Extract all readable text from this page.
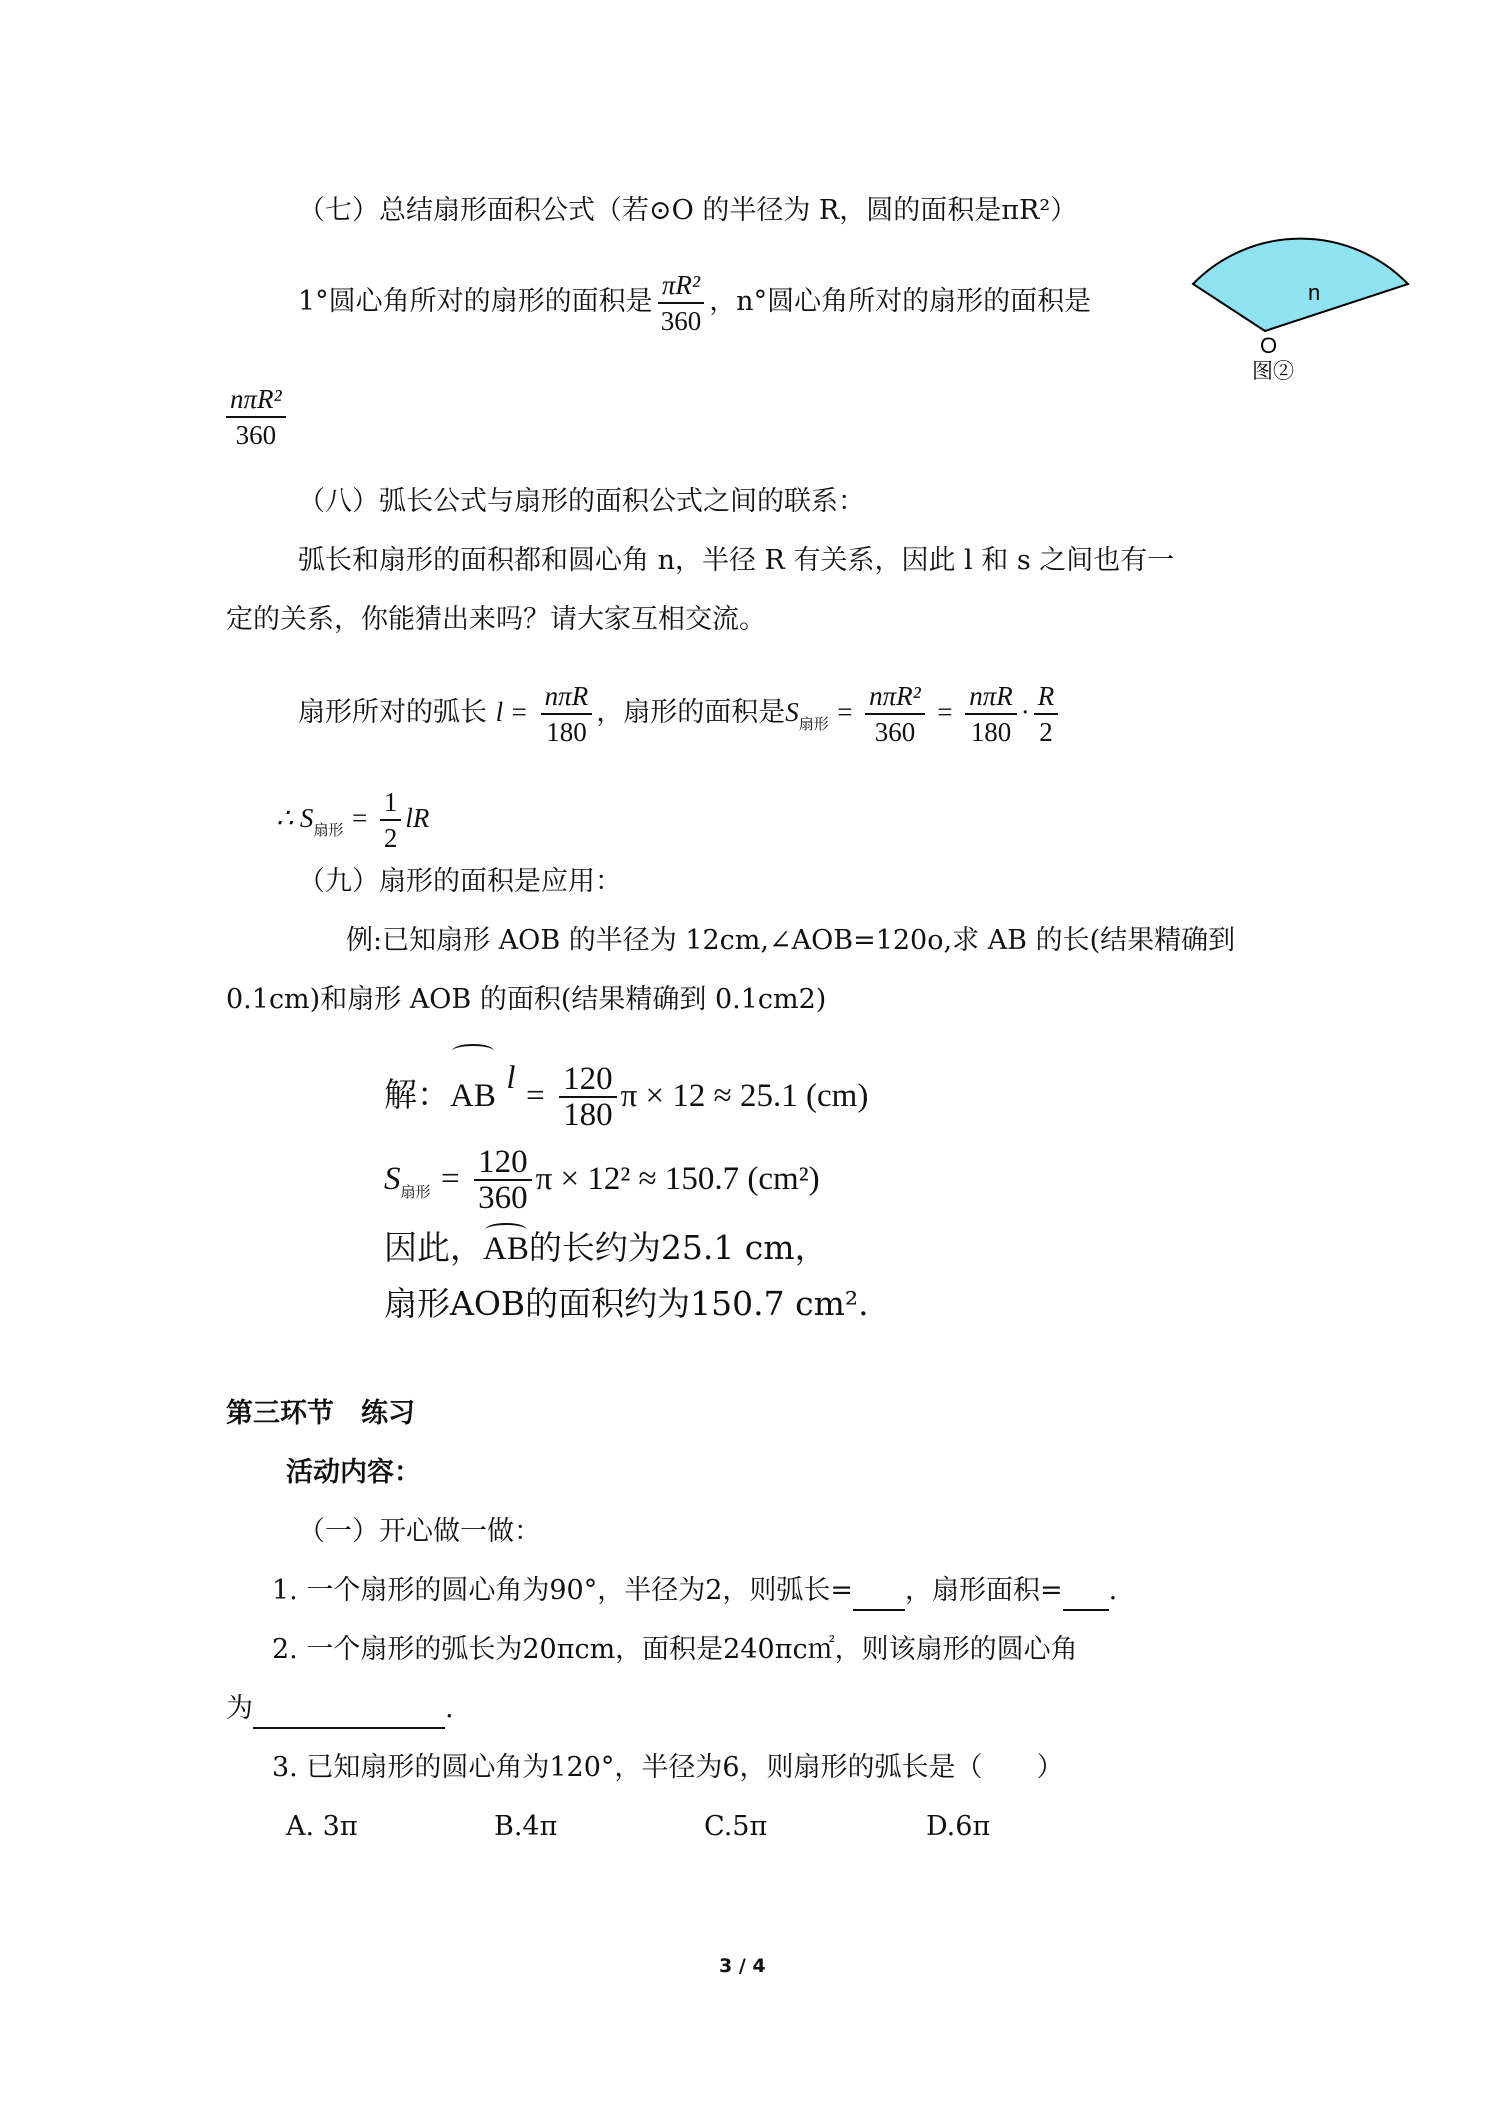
（七）总结扇形面积公式（若⊙O 的半径为 R，圆的面积是πR²）
1°圆心角所对的扇形的面积是 $\frac{\text{πR²}}{360}$ ，n°圆心角所对的扇形的面积是
$\frac{\text{nπR²}}{360}$
n
O
图②
（八）弧长公式与扇形的面积公式之间的联系：
弧长和扇形的面积都和圆心角 n，半径 R 有关系，因此 l 和 s 之间也有一
定的关系，你能猜出来吗？请大家互相交流。
扇形所对的弧长 $l = \frac{\text{nπR}}{180}$ ，扇形的面积是$S_{扇形} = \frac{\text{nπR²}}{360} = \frac{\text{nπR}}{180} \cdot \frac{R}{2}$
∴ $S_{扇形} = \frac{1}{2}$ lR
（九）扇形的面积是应用：
例:已知扇形 AOB 的半径为 12cm,∠AOB=120o,求 AB 的长(结果精确到
0.1cm)和扇形 AOB 的面积(结果精确到 0.1cm2)
解：AB $l = \frac{120}{180}$ π × 12 ≈ 25.1 (cm)
$S_{扇形} = \frac{120}{360}$ π × 12² ≈ 150.7 (cm²)
因此，AB的长约为25.1 cm，
扇形AOB的面积约为150.7 cm².
第三环节　练习
活动内容：
（一）开心做一做：
1. 一个扇形的圆心角为90°，半径为2，则弧长= ，扇形面积= .
2. 一个扇形的弧长为20πcm，面积是240πc㎡，则该扇形的圆心角
为	.
3. 已知扇形的圆心角为120°，半径为6，则扇形的弧长是（　　）
A. 3π	B.4π	C.5π	D.6π
3 / 4
